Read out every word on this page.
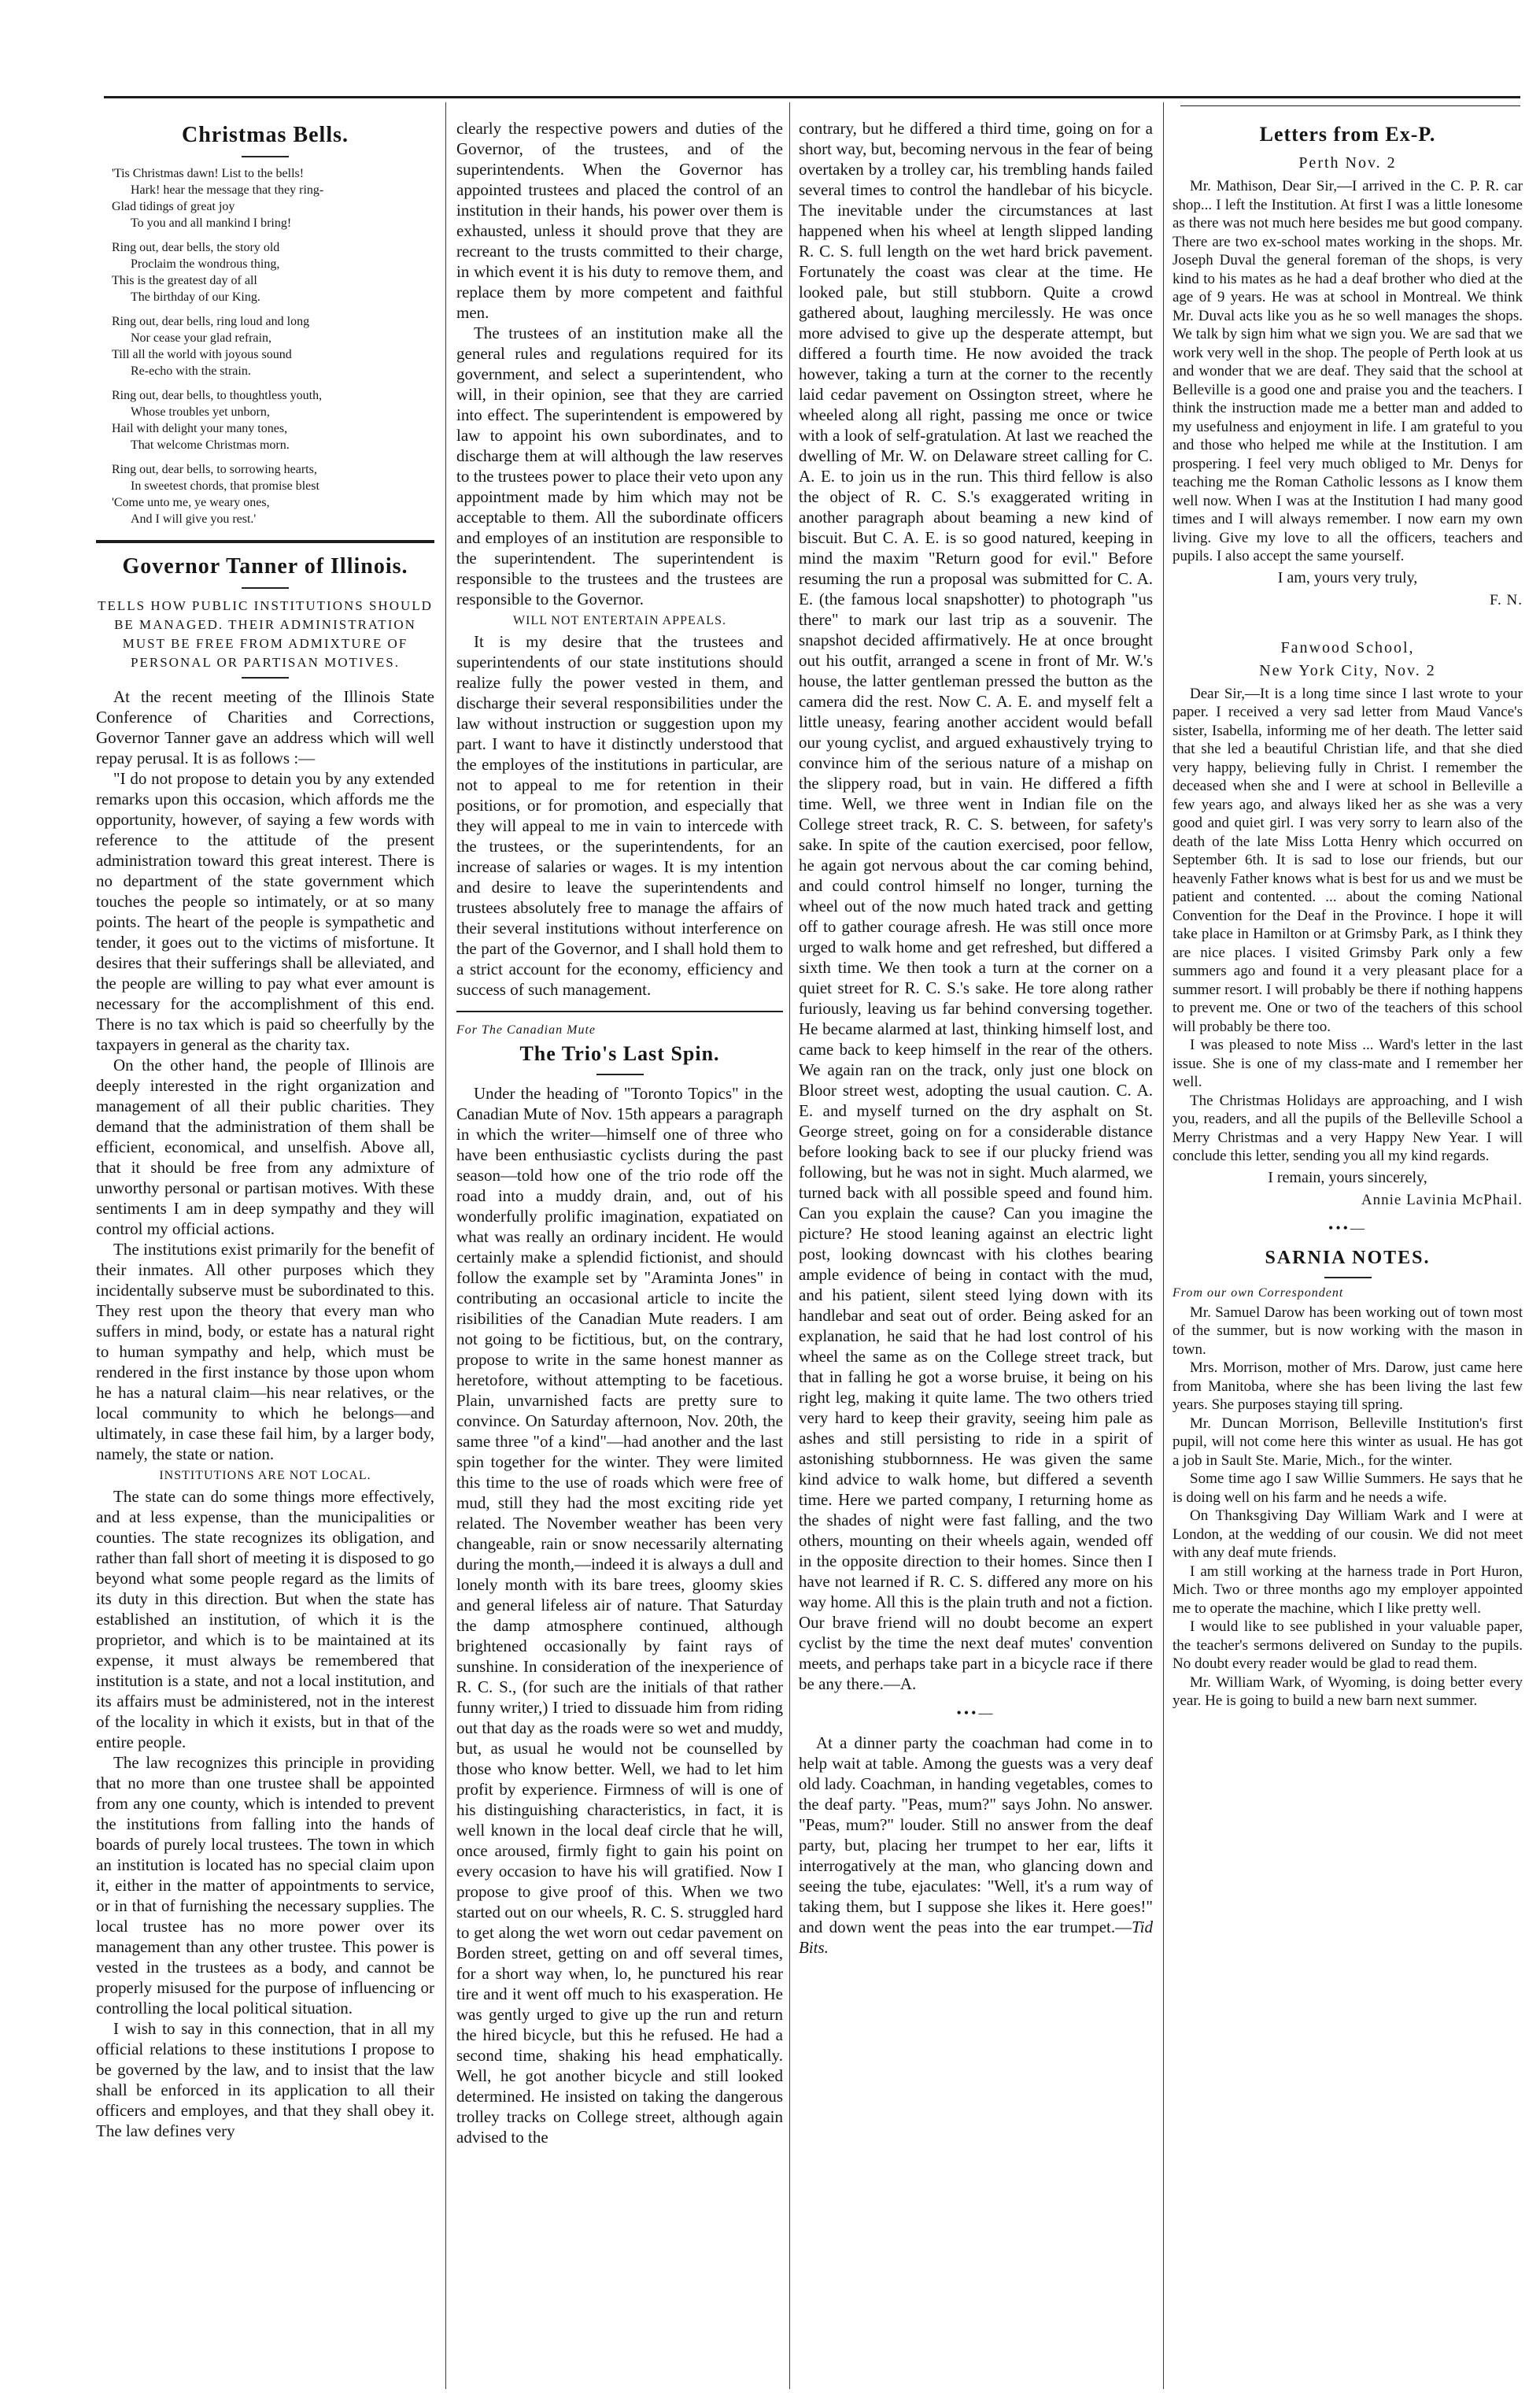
Christmas Bells.
'Tis Christmas dawn! List to the bells!
Hark! hear the message that they ring-
Glad tidings of great joy
To you and all mankind I bring!
Ring out, dear bells, the story old
Proclaim the wondrous thing,
This is the greatest day of all
The birthday of our King.
Ring out, dear bells, ring loud and long
Nor cease your glad refrain,
Till all the world with joyous sound
Re-echo with the strain.
Ring out, dear bells, to thoughtless youth,
Whose troubles yet unborn,
Hail with delight your many tones,
That welcome Christmas morn.
Ring out, dear bells, to sorrowing hearts,
In sweetest chords, that promise blest
'Come unto me, ye weary ones,
And I will give you rest.'
Governor Tanner of Illinois.
TELLS HOW PUBLIC INSTITUTIONS SHOULD BE MANAGED. THEIR ADMINISTRATION MUST BE FREE FROM ADMIXTURE OF PERSONAL OR PARTISAN MOTIVES.

At the recent meeting of the Illinois State Conference of Charities and Corrections, Governor Tanner gave an address which will well repay perusal. It is as follows :—

"I do not propose to detain you by any extended remarks upon this occasion, which affords me the opportunity, however, of saying a few words with reference to the attitude of the present administration toward this great interest. There is no department of the state government which touches the people so intimately, or at so many points. The heart of the people is sympathetic and tender, it goes out to the victims of misfortune. It desires that their sufferings shall be alleviated, and the people are willing to pay what ever amount is necessary for the accomplishment of this end. There is no tax which is paid so cheerfully by the taxpayers in general as the charity tax.

On the other hand, the people of Illinois are deeply interested in the right organization and management of all their public charities. They demand that the administration of them shall be efficient, economical, and unselfish. Above all, that it should be free from any admixture of unworthy personal or partisan motives. With these sentiments I am in deep sympathy and they will control my official actions.

The institutions exist primarily for the benefit of their inmates. All other purposes which they incidentally subserve must be subordinated to this. They rest upon the theory that every man who suffers in mind, body, or estate has a natural right to human sympathy and help, which must be rendered in the first instance by those upon whom he has a natural claim—his near relatives, or the local community to which he belongs—and ultimately, in case these fail him, by a larger body, namely, the state or nation.

INSTITUTIONS ARE NOT LOCAL.

The state can do some things more effectively, and at less expense, than the municipalities or counties. The state recognizes its obligation, and rather than fall short of meeting it is disposed to go beyond what some people regard as the limits of its duty in this direction. But when the state has established an institution, of which it is the proprietor, and which is to be maintained at its expense, it must always be remembered that institution is a state, and not a local institution, and its affairs must be administered, not in the interest of the locality in which it exists, but in that of the entire people.

The law recognizes this principle in providing that no more than one trustee shall be appointed from any one county, which is intended to prevent the institutions from falling into the hands of boards of purely local trustees. The town in which an institution is located has no special claim upon it, either in the matter of appointments to service, or in that of furnishing the necessary supplies. The local trustee has no more power over its management than any other trustee. This power is vested in the trustees as a body, and cannot be properly misused for the purpose of influencing or controlling the local political situation.

I wish to say in this connection, that in all my official relations to these institutions I propose to be governed by the law, and to insist that the law shall be enforced in its application to all their officers and employes, and that they shall obey it. The law defines very

clearly the respective powers and duties of the Governor, of the trustees, and of the superintendents. When the Governor has appointed trustees and placed the control of an institution in their hands, his power over them is exhausted, unless it should prove that they are recreant to the trusts committed to their charge, in which event it is his duty to remove them, and replace them by more competent and faithful men.

The trustees of an institution make all the general rules and regulations required for its government, and select a superintendent, who will, in their opinion, see that they are carried into effect. The superintendent is empowered by law to appoint his own subordinates, and to discharge them at will although the law reserves to the trustees power to place their veto upon any appointment made by him which may not be acceptable to them. All the subordinate officers and employes of an institution are responsible to the superintendent. The superintendent is responsible to the trustees and the trustees are responsible to the Governor.

WILL NOT ENTERTAIN APPEALS.

It is my desire that the trustees and superintendents of our state institutions should realize fully the power vested in them, and discharge their several responsibilities under the law without instruction or suggestion upon my part. I want to have it distinctly understood that the employes of the institutions in particular, are not to appeal to me for retention in their positions, or for promotion, and especially that they will appeal to me in vain to intercede with the trustees, or the superintendents, for an increase of salaries or wages. It is my intention and desire to leave the superintendents and trustees absolutely free to manage the affairs of their several institutions without interference on the part of the Governor, and I shall hold them to a strict account for the economy, efficiency and success of such management.

For The Canadian Mute
The Trio's Last Spin.

Under the heading of "Toronto Topics" in the Canadian Mute of Nov. 15th appears a paragraph in which the writer—himself one of three who have been enthusiastic cyclists during the past season—told how one of the trio rode off the road into a muddy drain, and, out of his wonderfully prolific imagination, expatiated on what was really an ordinary incident. He would certainly make a splendid fictionist, and should follow the example set by "Araminta Jones" in contributing an occasional article to incite the risibilities of the Canadian Mute readers. I am not going to be fictitious, but, on the contrary, propose to write in the same honest manner as heretofore, without attempting to be facetious. Plain, unvarnished facts are pretty sure to convince. On Saturday afternoon, Nov. 20th, the same three "of a kind"—had another and the last spin together for the winter. They were limited this time to the use of roads which were free of mud, still they had the most exciting ride yet related. The November weather has been very changeable, rain or snow necessarily alternating during the month,—indeed it is always a dull and lonely month with its bare trees, gloomy skies and general lifeless air of nature. That Saturday the damp atmosphere continued, although brightened occasionally by faint rays of sunshine. In consideration of the inexperience of R. C. S., (for such are the initials of that rather funny writer,) I tried to dissuade him from riding out that day as the roads were so wet and muddy, but, as usual he would not be counselled by those who know better. Well, we had to let him profit by experience. Firmness of will is one of his distinguishing characteristics, in fact, it is well known in the local deaf circle that he will, once aroused, firmly fight to gain his point on every occasion to have his will gratified. Now I propose to give proof of this. When we two started out on our wheels, R. C. S. struggled hard to get along the wet worn out cedar pavement on Borden street, getting on and off several times, for a short way when, lo, he punctured his rear tire and it went off much to his exasperation. He was gently urged to give up the run and return the hired bicycle, but this he refused. He had a second time, shaking his head emphatically. Well, he got another bicycle and still looked determined. He insisted on taking the dangerous trolley tracks on College street, although again advised to the

contrary, but he differed a third time, going on for a short way, but, becoming nervous in the fear of being overtaken by a trolley car, his trembling hands failed several times to control the handlebar of his bicycle. The inevitable under the circumstances at last happened when his wheel at length slipped landing R. C. S. full length on the wet hard brick pavement. Fortunately the coast was clear at the time. He looked pale, but still stubborn. Quite a crowd gathered about, laughing mercilessly. He was once more advised to give up the desperate attempt, but differed a fourth time. He now avoided the track however, taking a turn at the corner to the recently laid cedar pavement on Ossington street, where he wheeled along all right, passing me once or twice with a look of self-gratulation. At last we reached the dwelling of Mr. W. on Delaware street calling for C. A. E. to join us in the run. This third fellow is also the object of R. C. S.'s exaggerated writing in another paragraph about beaming a new kind of biscuit. But C. A. E. is so good natured, keeping in mind the maxim "Return good for evil." Before resuming the run a proposal was submitted for C. A. E. (the famous local snapshotter) to photograph "us there" to mark our last trip as a souvenir. The snapshot decided affirmatively. He at once brought out his outfit, arranged a scene in front of Mr. W.'s house, the latter gentleman pressed the button as the camera did the rest. Now C. A. E. and myself felt a little uneasy, fearing another accident would befall our young cyclist, and argued exhaustively trying to convince him of the serious nature of a mishap on the slippery road, but in vain. He differed a fifth time. Well, we three went in Indian file on the College street track, R. C. S. between, for safety's sake. In spite of the caution exercised, poor fellow, he again got nervous about the car coming behind, and could control himself no longer, turning the wheel out of the now much hated track and getting off to gather courage afresh. He was still once more urged to walk home and get refreshed, but differed a sixth time. We then took a turn at the corner on a quiet street for R. C. S.'s sake. He tore along rather furiously, leaving us far behind conversing together. He became alarmed at last, thinking himself lost, and came back to keep himself in the rear of the others. We again ran on the track, only just one block on Bloor street west, adopting the usual caution. C. A. E. and myself turned on the dry asphalt on St. George street, going on for a considerable distance before looking back to see if our plucky friend was following, but he was not in sight. Much alarmed, we turned back with all possible speed and found him. Can you explain the cause? Can you imagine the picture? He stood leaning against an electric light post, looking downcast with his clothes bearing ample evidence of being in contact with the mud, and his patient, silent steed lying down with its handlebar and seat out of order. Being asked for an explanation, he said that he had lost control of his wheel the same as on the College street track, but that in falling he got a worse bruise, it being on his right leg, making it quite lame. The two others tried very hard to keep their gravity, seeing him pale as ashes and still persisting to ride in a spirit of astonishing stubbornness. He was given the same kind advice to walk home, but differed a seventh time. Here we parted company, I returning home as the shades of night were fast falling, and the two others, mounting on their wheels again, wended off in the opposite direction to their homes. Since then I have not learned if R. C. S. differed any more on his way home. All this is the plain truth and not a fiction. Our brave friend will no doubt become an expert cyclist by the time the next deaf mutes' convention meets, and perhaps take part in a bicycle race if there be any there.—A.

•••—

At a dinner party the coachman had come in to help wait at table. Among the guests was a very deaf old lady. Coachman, in handing vegetables, comes to the deaf party. "Peas, mum?" says John. No answer. "Peas, mum?" louder. Still no answer from the deaf party, but, placing her trumpet to her ear, lifts it interrogatively at the man, who glancing down and seeing the tube, ejaculates: "Well, it's a rum way of taking them, but I suppose she likes it. Here goes!" and down went the peas into the ear trumpet.—Tid Bits.

Letters from Ex-P.
Perth Nov. 2

Mr. Mathison, Dear Sir,—I arrived in the C. P. R. car shop... I left the Institution. At first I was a little lonesome as there was not much here besides me but good company. There are two ex-school mates working in the shops. Mr. Joseph Duval the general foreman of the shops, is very kind to his mates as he had a deaf brother who died at the age of 9 years. He was at school in Montreal. We think Mr. Duval acts like you as he so well manages the shops. We talk by sign him what we sign you. We are sad that we work very well in the shop. The people of Perth look at us and wonder that we are deaf. They said that the school at Belleville is a good one and praise you and the teachers. I think the instruction made me a better man and added to my usefulness and enjoyment in life. I am grateful to you and those who helped me while at the Institution. I am prospering. I feel very much obliged to Mr. Denys for teaching me the Roman Catholic lessons as I know them well now. When I was at the Institution I had many good times and I will always remember. I now earn my own living. Give my love to all the officers, teachers and pupils. I also accept the same yourself.

I am, yours very truly,
F. N.
Fanwood School,
New York City, Nov. 2

Dear Sir,—It is a long time since I last wrote to your paper. I received a very sad letter from Maud Vance's sister, Isabella, informing me of her death. The letter said that she led a beautiful Christian life, and that she died very happy, believing fully in Christ. I remember the deceased when she and I were at school in Belleville a few years ago, and always liked her as she was a very good and quiet girl. I was very sorry to learn also of the death of the late Miss Lotta Henry which occurred on September 6th. It is sad to lose our friends, but our heavenly Father knows what is best for us and we must be patient and contented. ... about the coming National Convention for the Deaf in the Province. I hope it will take place in Hamilton or at Grimsby Park, as I think they are nice places. I visited Grimsby Park only a few summers ago and found it a very pleasant place for a summer resort. I will probably be there if nothing happens to prevent me. One or two of the teachers of this school will probably be there too.

I was pleased to note Miss ... Ward's letter in the last issue. She is one of my class-mate and I remember her well.

The Christmas Holidays are approaching, and I wish you, readers, and all the pupils of the Belleville School a Merry Christmas and a very Happy New Year. I will conclude this letter, sending you all my kind regards.

I remain, yours sincerely,
Annie Lavinia McPhail.
•••—
SARNIA NOTES.
From our own Correspondent

Mr. Samuel Darow has been working out of town most of the summer, but is now working with the mason in town.

Mrs. Morrison, mother of Mrs. Darow, just came here from Manitoba, where she has been living the last few years. She purposes staying till spring.

Mr. Duncan Morrison, Belleville Institution's first pupil, will not come here this winter as usual. He has got a job in Sault Ste. Marie, Mich., for the winter.

Some time ago I saw Willie Summers. He says that he is doing well on his farm and he needs a wife.

On Thanksgiving Day William Wark and I were at London, at the wedding of our cousin. We did not meet with any deaf mute friends.

I am still working at the harness trade in Port Huron, Mich. Two or three months ago my employer appointed me to operate the machine, which I like pretty well.

I would like to see published in your valuable paper, the teacher's sermons delivered on Sunday to the pupils. No doubt every reader would be glad to read them.

Mr. William Wark, of Wyoming, is doing better every year. He is going to build a new barn next summer.
